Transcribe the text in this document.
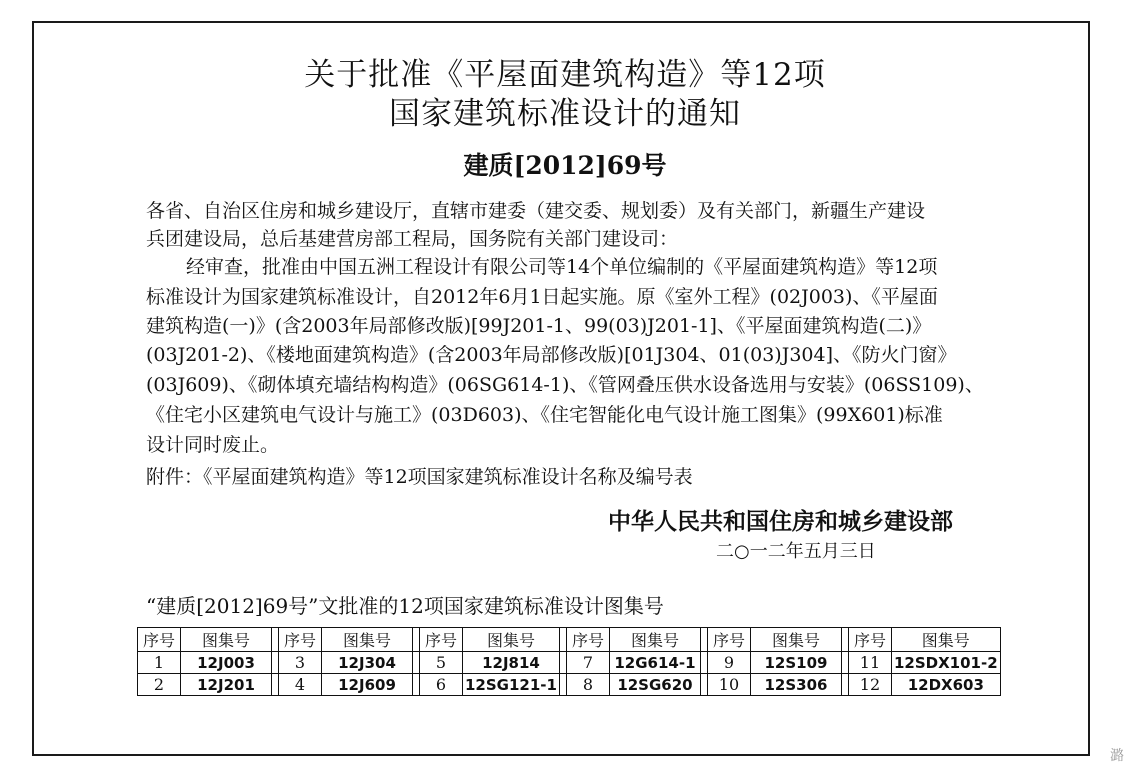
关于批准《平屋面建筑构造》等12项
国家建筑标准设计的通知
建质[2012]69号
各省、自治区住房和城乡建设厅，直辖市建委（建交委、规划委）及有关部门，新疆生产建设
兵团建设局，总后基建营房部工程局，国务院有关部门建设司：
经审查，批准由中国五洲工程设计有限公司等14个单位编制的《平屋面建筑构造》等12项
标准设计为国家建筑标准设计，自2012年6月1日起实施。原《室外工程》(02J003)、《平屋面
建筑构造(一)》(含2003年局部修改版)[99J201-1、99(03)J201-1]、《平屋面建筑构造(二)》
(03J201-2)、《楼地面建筑构造》(含2003年局部修改版)[01J304、01(03)J304]、《防火门窗》
(03J609)、《砌体填充墙结构构造》(06SG614-1)、《管网叠压供水设备选用与安装》(06SS109)、
《住宅小区建筑电气设计与施工》(03D603)、《住宅智能化电气设计施工图集》(99X601)标准
设计同时废止。
附件：《平屋面建筑构造》等12项国家建筑标准设计名称及编号表
中华人民共和国住房和城乡建设部
二○一二年五月三日
“建质[2012]69号”文批准的12项国家建筑标准设计图集号
序号	图集号		序号	图集号		序号	图集号		序号	图集号		序号	图集号		序号	图集号
1	12J003		3	12J304		5	12J814		7	12G614-1		9	12S109		11	12SDX101-2
2	12J201		4	12J609		6	12SG121-1		8	12SG620		10	12S306		12	12DX603
潞
